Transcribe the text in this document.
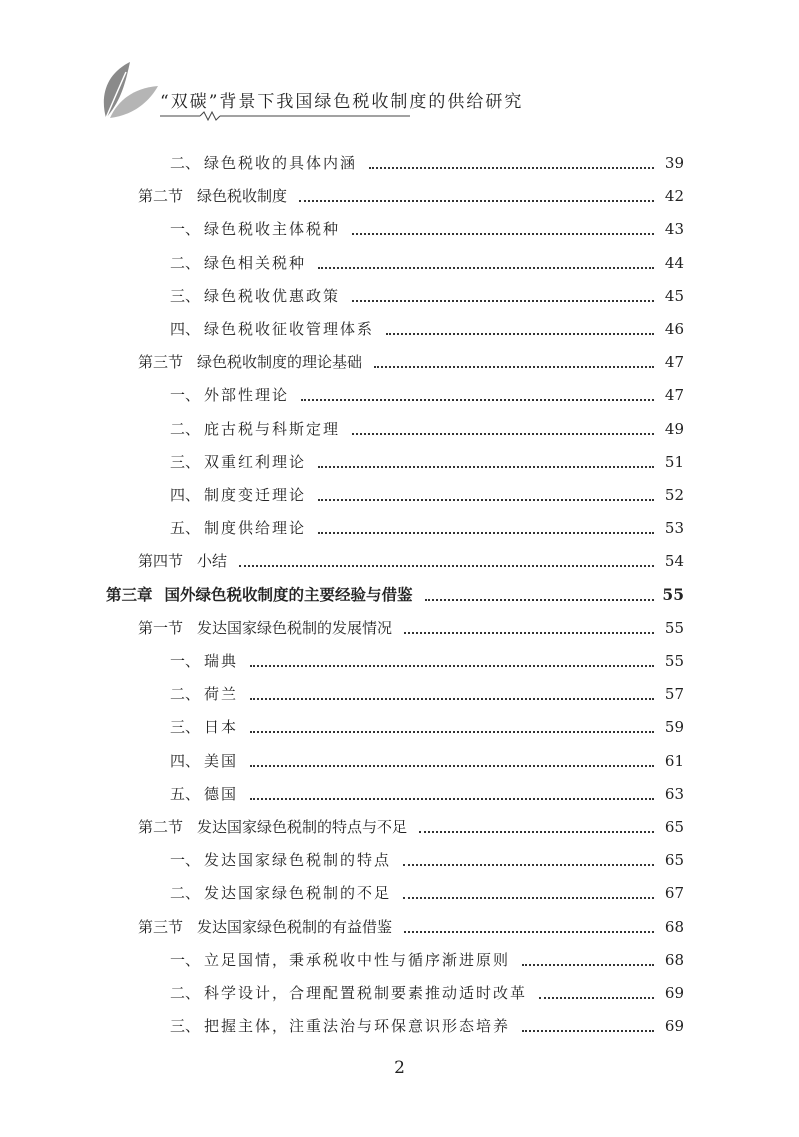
“双碳”背景下我国绿色税收制度的供给研究
二、 绿色税收的具体内涵	39
第二节 绿色税收制度	42
一、 绿色税收主体税种	43
二、 绿色相关税种	44
三、 绿色税收优惠政策	45
四、 绿色税收征收管理体系	46
第三节 绿色税收制度的理论基础	47
一、 外部性理论	47
二、 庇古税与科斯定理	49
三、 双重红利理论	51
四、 制度变迁理论	52
五、 制度供给理论	53
第四节 小结	54
第三章 国外绿色税收制度的主要经验与借鉴	55
第一节 发达国家绿色税制的发展情况	55
一、 瑞典	55
二、 荷兰	57
三、 日本	59
四、 美国	61
五、 德国	63
第二节 发达国家绿色税制的特点与不足	65
一、 发达国家绿色税制的特点	65
二、 发达国家绿色税制的不足	67
第三节 发达国家绿色税制的有益借鉴	68
一、 立足国情，秉承税收中性与循序渐进原则	68
二、 科学设计，合理配置税制要素推动适时改革	69
三、 把握主体，注重法治与环保意识形态培养	69
2
